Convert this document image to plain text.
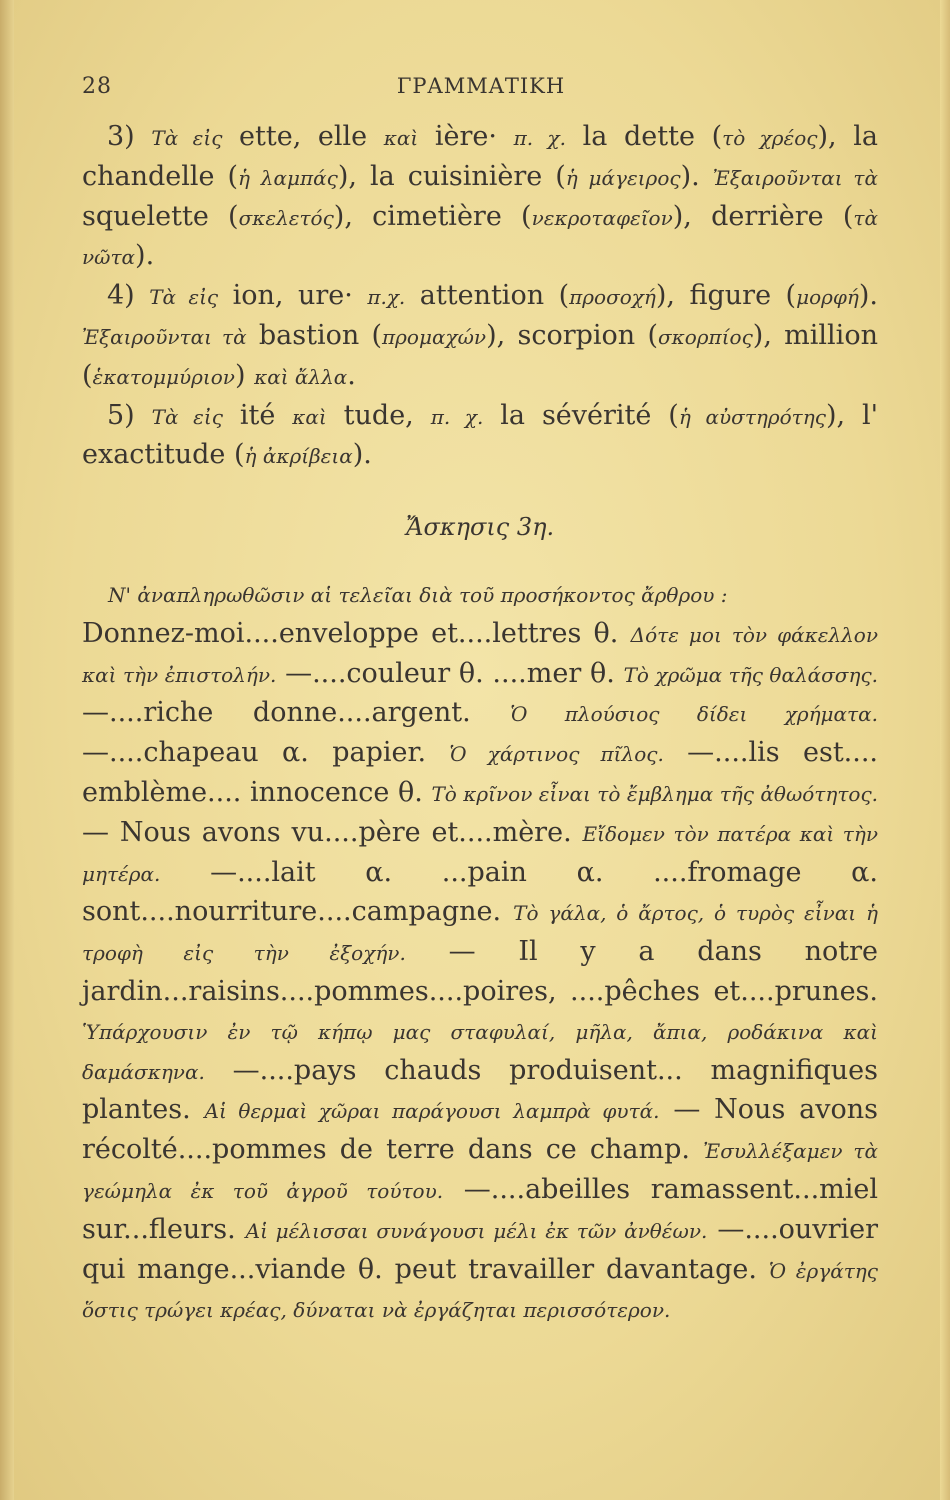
28	ΓΡΑΜΜΑΤΙΚΗ

3) Τὰ εἰς ette, elle καὶ ière· π. χ. la dette (τὸ χρέος), la chandelle (ἡ λαμπάς), la cuisinière (ἡ μάγειρος). Ἐξαιροῦνται τὰ squelette (σκελετός), cimetière (νεκροταφεῖον), derrière (τὰ νῶτα).

4) Τὰ εἰς ion, ure· π.χ. attention (προσοχή), figure (μορφή). Ἐξαιροῦνται τὰ bastion (προμαχών), scorpion (σκορπίος), million (ἑκατομμύριον) καὶ ἄλλα.

5) Τὰ εἰς ité καὶ tude, π. χ. la sévérité (ἡ αὐστηρότης), l' exactitude (ἡ ἀκρίβεια).

Ἄσκησις 3η.

Ν' ἀναπληρωθῶσιν αἱ τελεῖαι διὰ τοῦ προσήκοντος ἄρθρου :
Donnez-moi....enveloppe et....lettres θ. Δότε μοι τὸν φάκελλον καὶ τὴν ἐπιστολήν. —....couleur θ. ....mer θ. Τὸ χρῶμα τῆς θαλάσσης. —....riche donne....argent. Ὁ πλούσιος δίδει χρήματα. —....chapeau α. papier. Ὁ χάρτινος πῖλος. —....lis est.... emblème.... innocence θ. Τὸ κρῖνον εἶναι τὸ ἔμβλημα τῆς ἀθωότητος. — Nous avons vu....père et....mère. Εἴδομεν τὸν πατέρα καὶ τὴν μητέρα. —....lait α. ...pain α. ....fromage α. sont....nourriture....campagne. Τὸ γάλα, ὁ ἄρτος, ὁ τυρὸς εἶναι ἡ τροφὴ εἰς τὴν ἐξοχήν. — Il y a dans notre jardin...raisins....pommes....poires, ....pêches et....prunes. Ὑπάρχουσιν ἐν τῷ κήπῳ μας σταφυλαί, μῆλα, ἄπια, ροδάκινα καὶ δαμάσκηνα. —....pays chauds produisent... magnifiques plantes. Αἱ θερμαὶ χῶραι παράγουσι λαμπρὰ φυτά. — Nous avons récolté....pommes de terre dans ce champ. Ἐσυλλέξαμεν τὰ γεώμηλα ἐκ τοῦ ἀγροῦ τούτου. —....abeilles ramassent...miel sur...fleurs. Αἱ μέλισσαι συνάγουσι μέλι ἐκ τῶν ἀνθέων. —....ouvrier qui mange...viande θ. peut travailler davantage. Ὁ ἐργάτης ὅστις τρώγει κρέας, δύναται νὰ ἐργάζηται περισσότερον.
